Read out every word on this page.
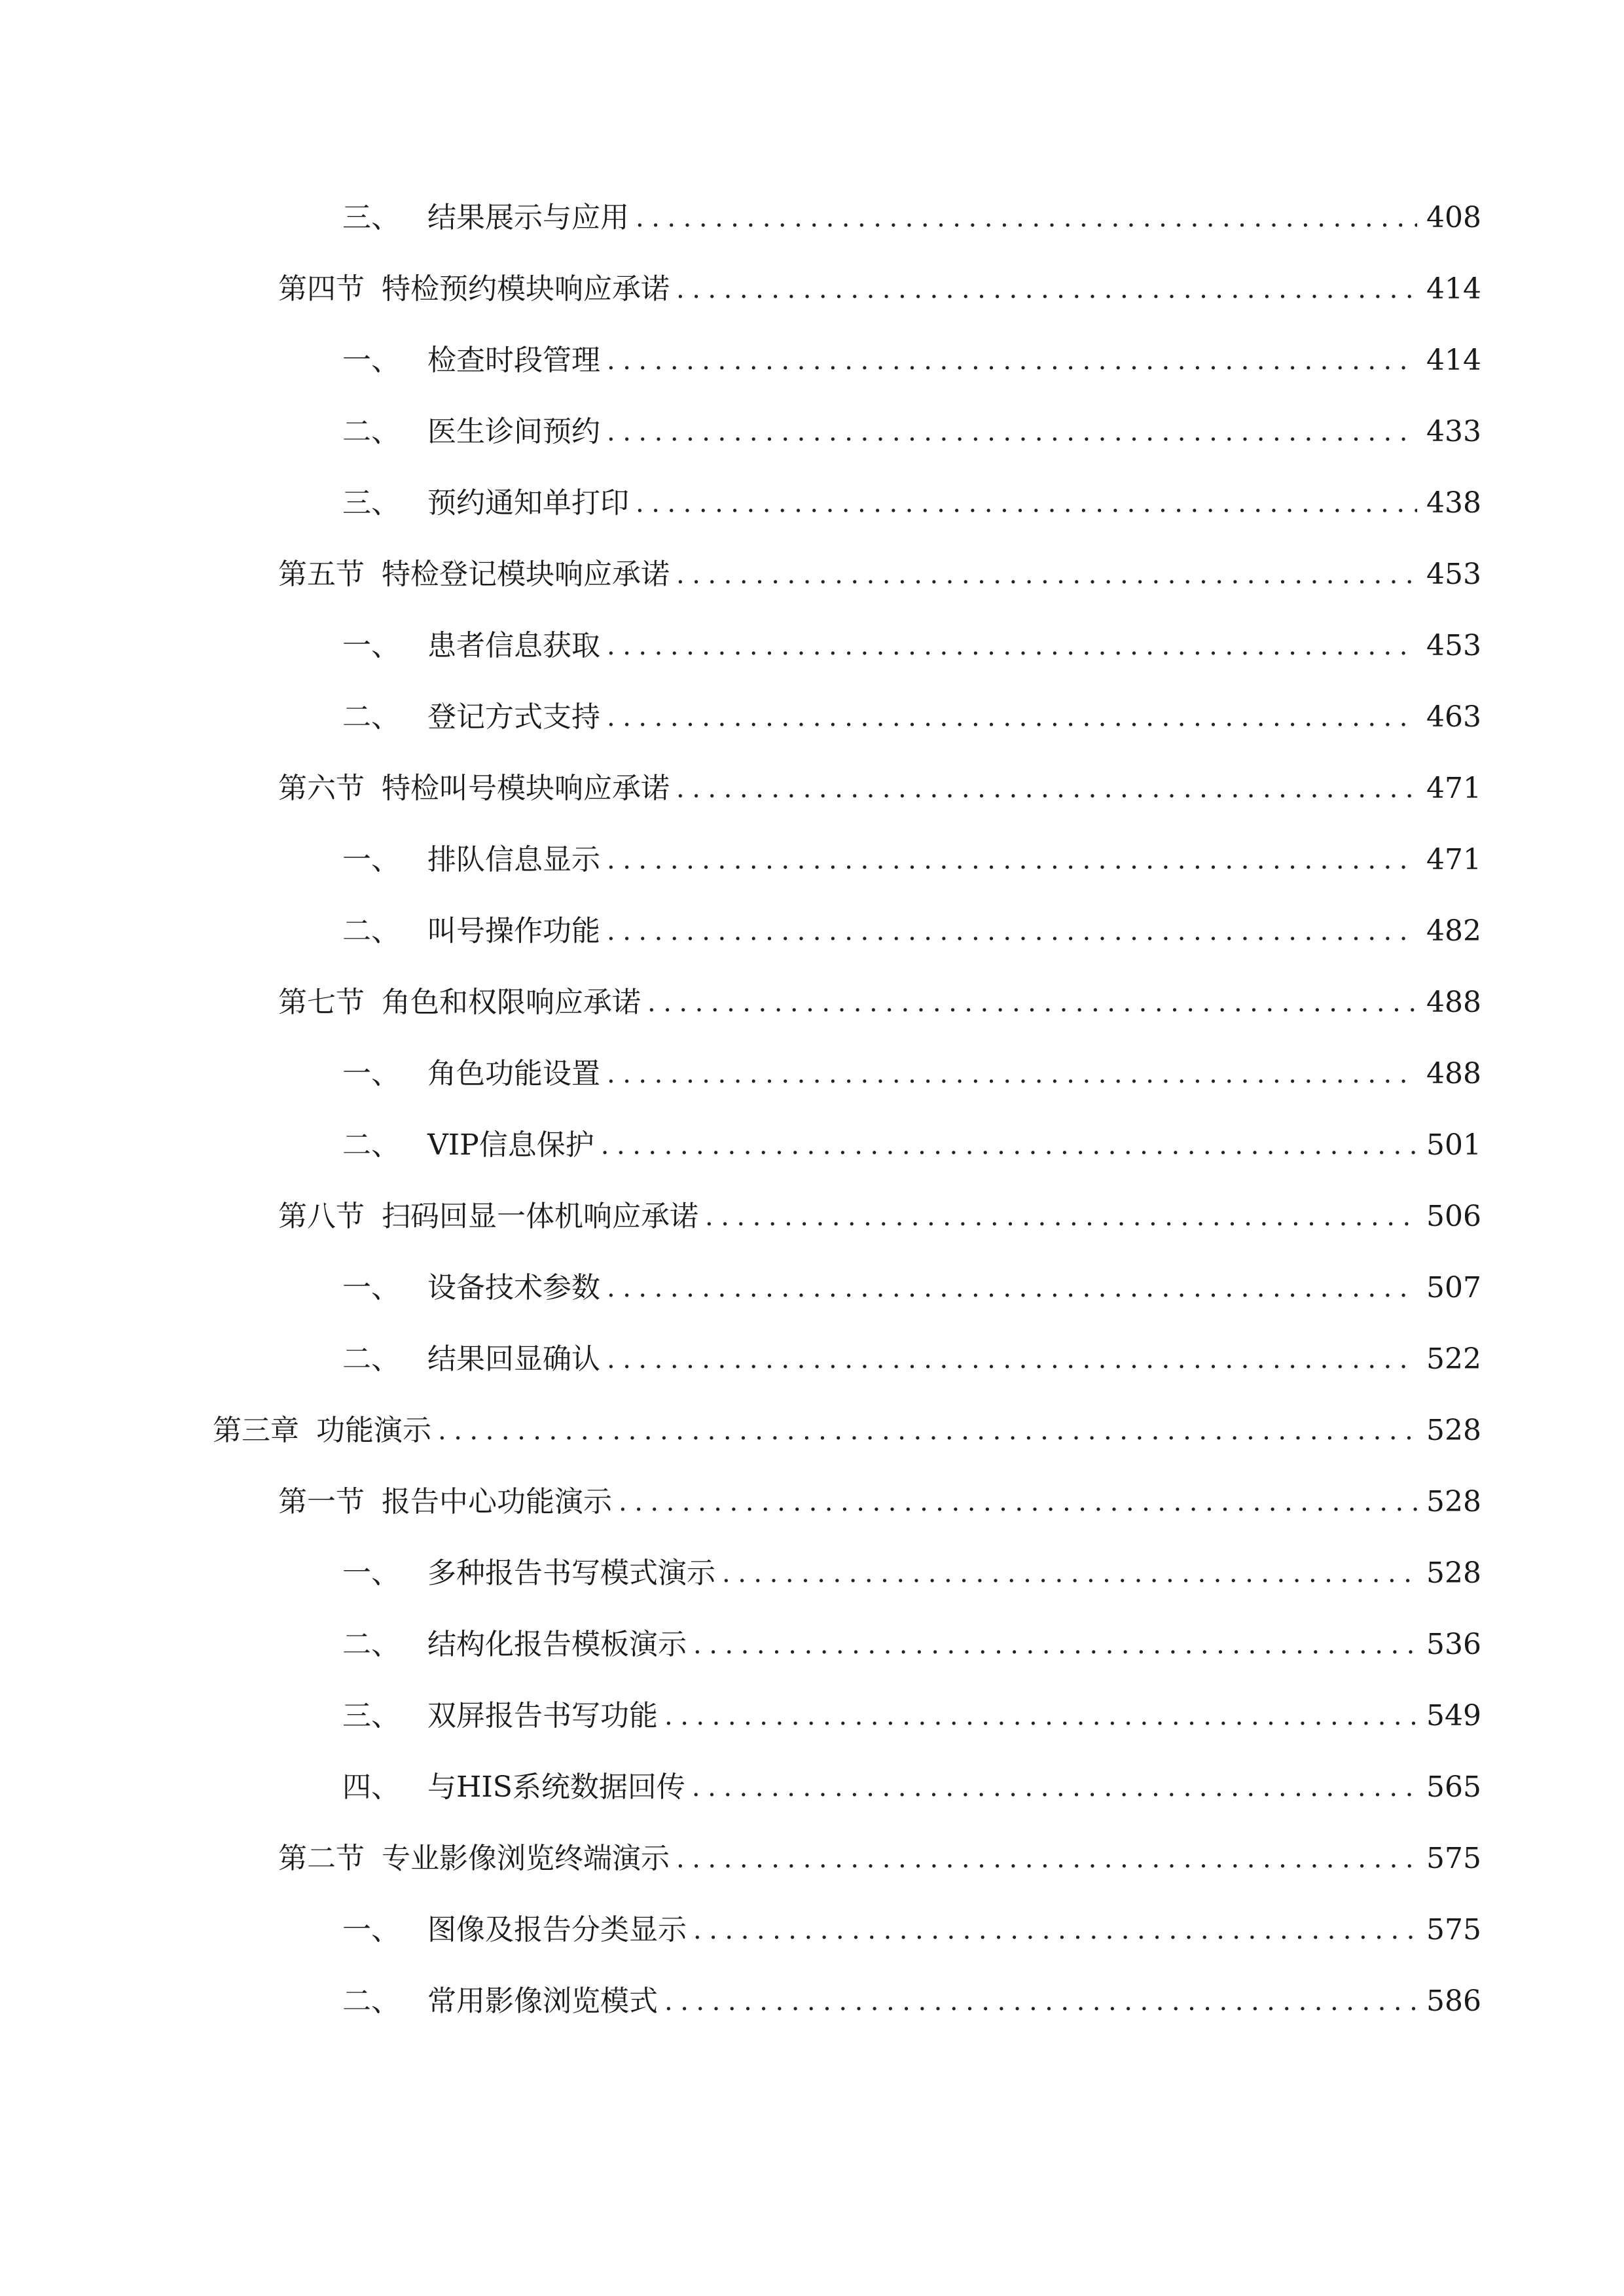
三、 结果展示与应用 .....	408
第四节 特检预约模块响应承诺 .....	414
一、 检查时段管理 .....	414
二、 医生诊间预约 .....	433
三、 预约通知单打印 .....	438
第五节 特检登记模块响应承诺 .....	453
一、 患者信息获取 .....	453
二、 登记方式支持 .....	463
第六节 特检叫号模块响应承诺 .....	471
一、 排队信息显示 .....	471
二、 叫号操作功能 .....	482
第七节 角色和权限响应承诺 .....	488
一、 角色功能设置 .....	488
二、 VIP信息保护 .....	501
第八节 扫码回显一体机响应承诺 .....	506
一、 设备技术参数 .....	507
二、 结果回显确认 .....	522
第三章 功能演示 .....	528
第一节 报告中心功能演示 .....	528
一、 多种报告书写模式演示 .....	528
二、 结构化报告模板演示 .....	536
三、 双屏报告书写功能 .....	549
四、 与HIS系统数据回传 .....	565
第二节 专业影像浏览终端演示 .....	575
一、 图像及报告分类显示 .....	575
二、 常用影像浏览模式 .....	586
